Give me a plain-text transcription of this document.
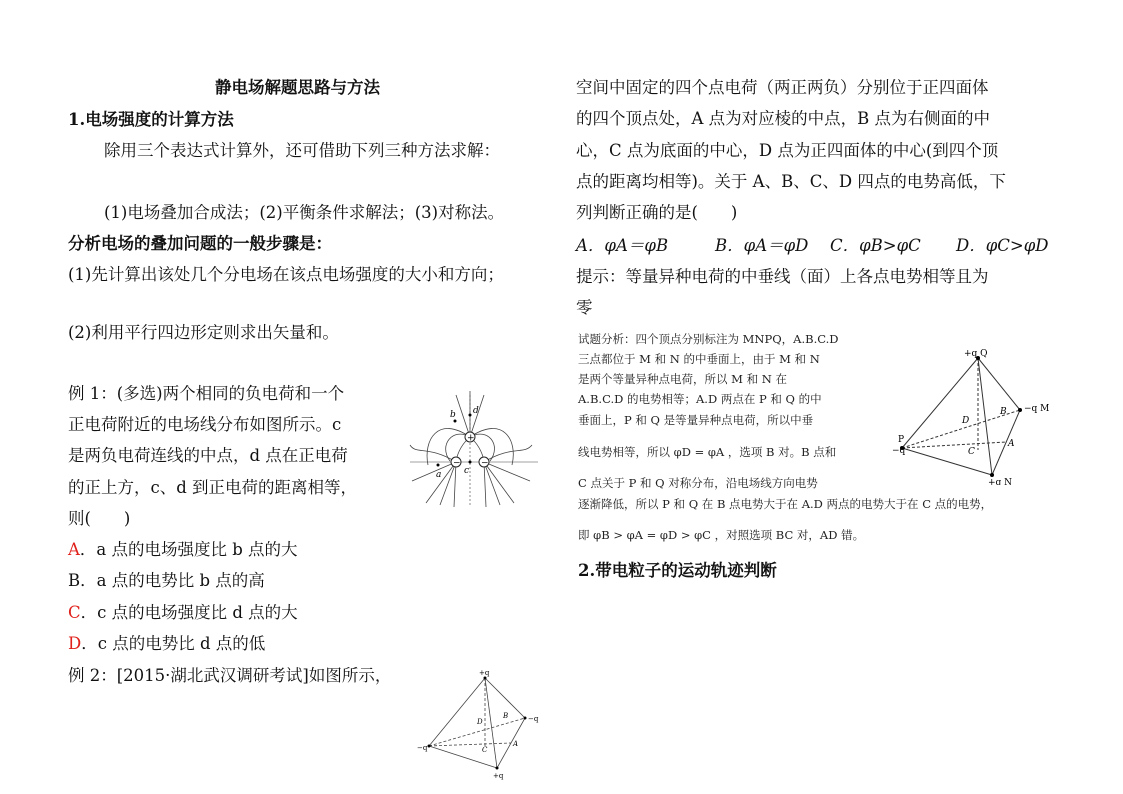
静电场解题思路与方法
1.电场强度的计算方法
除用三个表达式计算外，还可借助下列三种方法求解：
(1)电场叠加合成法；(2)平衡条件求解法；(3)对称法。
分析电场的叠加问题的一般步骤是：
(1)先计算出该处几个分电场在该点电场强度的大小和方向；
(2)利用平行四边形定则求出矢量和。
例 1：(多选)两个相同的负电荷和一个
正电荷附近的电场线分布如图所示。c
是两负电荷连线的中点，d 点在正电荷
的正上方，c、d 到正电荷的距离相等，
则(　　)
A．a 点的电场强度比 b 点的大
B．a 点的电势比 b 点的高
C．c 点的电场强度比 d 点的大
D．c 点的电势比 d 点的低
例 2：[2015·湖北武汉调研考试]如图所示，
+
− −
d
b
c
a
+q
−q
−q
+q
D
B
C
A
空间中固定的四个点电荷（两正两负）分别位于正四面体
的四个顶点处，A 点为对应棱的中点，B 点为右侧面的中
心，C 点为底面的中心，D 点为正四面体的中心(到四个顶
点的距离均相等)。关于 A、B、C、D 四点的电势高低，下
列判断正确的是(　　)
A．φA＝φB	B．φA＝φD C．φB>φC D．φC>φD
提示：等量异种电荷的中垂线（面）上各点电势相等且为
零
试题分析：四个顶点分别标注为 MNPQ，A.B.C.D
三点都位于 M 和 N 的中垂面上，由于 M 和 N
是两个等量异种点电荷，所以 M 和 N 在
A.B.C.D 的电势相等；A.D 两点在 P 和 Q 的中
垂面上，P 和 Q 是等量异种点电荷，所以中垂
线电势相等，所以 φD = φA ，选项 B 对。B 点和
C 点关于 P 和 Q 对称分布，沿电场线方向电势
逐渐降低，所以 P 和 Q 在 B 点电势大于在 A.D 两点的电势大于在 C 点的电势，
即 φB > φA = φD > φC ，对照选项 BC 对，AD 错。
2.带电粒子的运动轨迹判断
+q Q
−q M
P
−q
+q N
D
B
C
A
